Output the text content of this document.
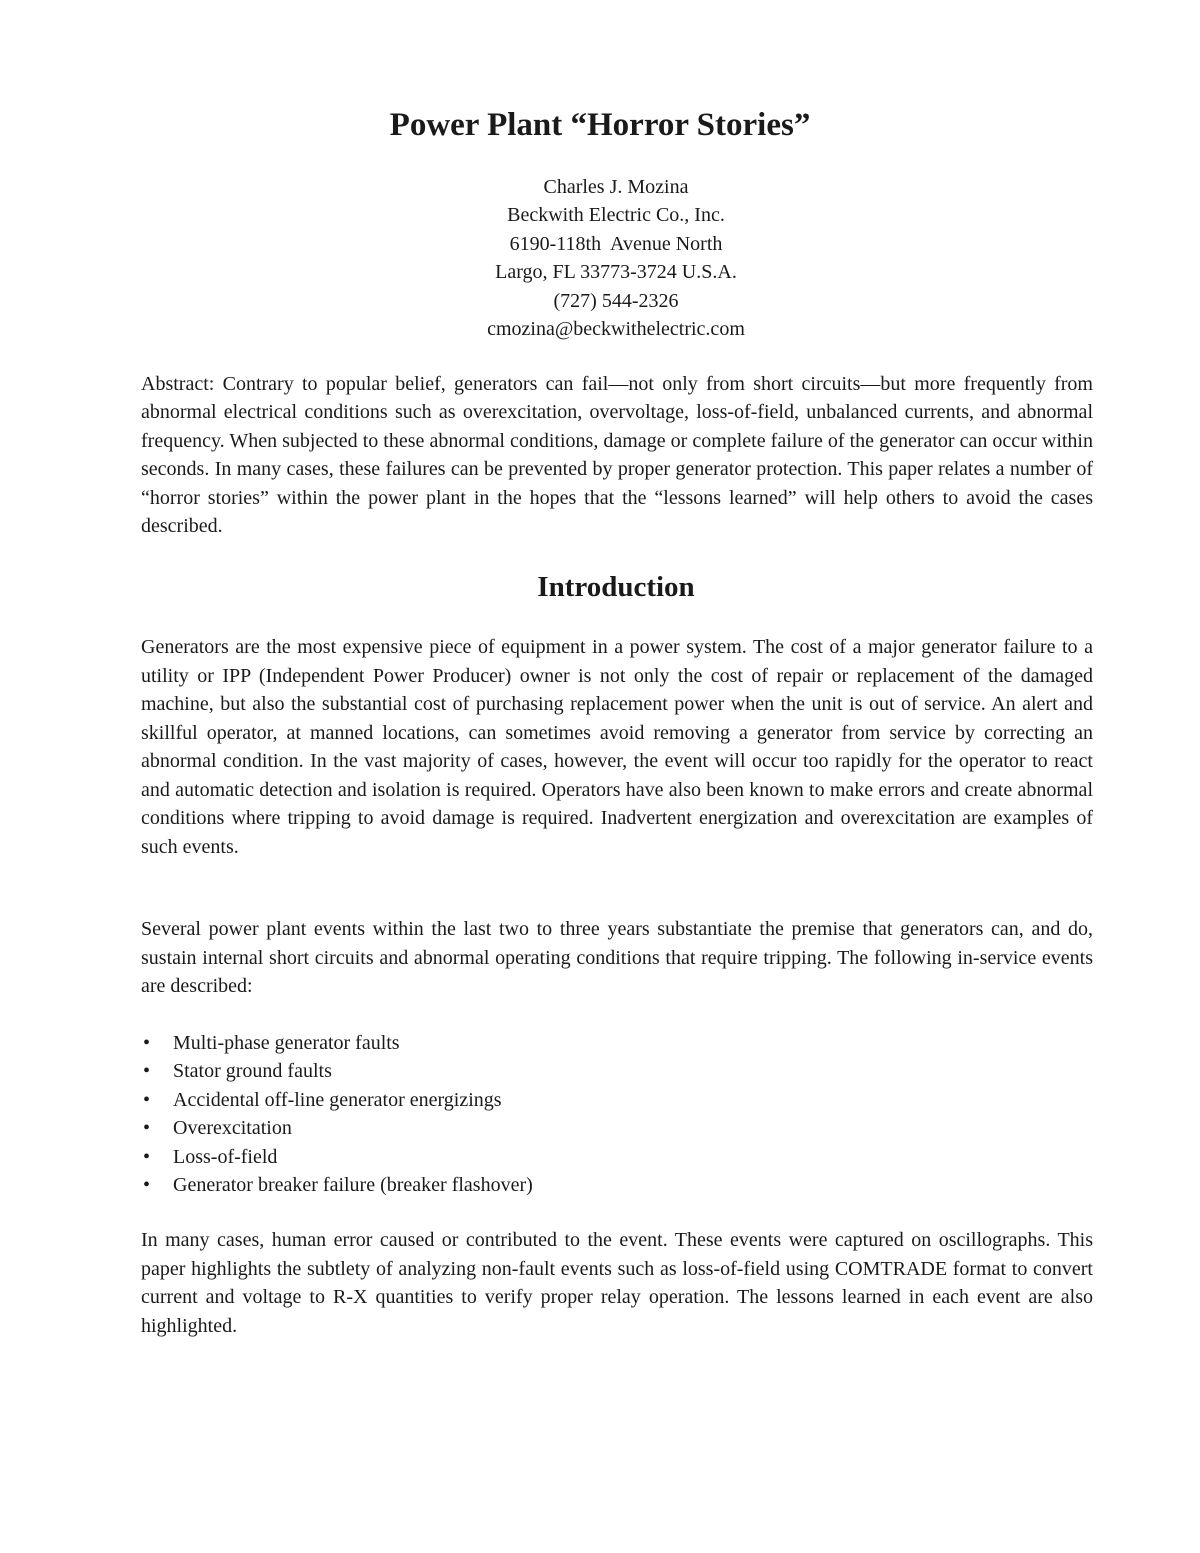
Power Plant “Horror Stories”
Charles J. Mozina
Beckwith Electric Co., Inc.
6190-118th  Avenue North
Largo, FL 33773-3724 U.S.A.
(727) 544-2326
cmozina@beckwithelectric.com

Abstract: Contrary to popular belief, generators can fail—not only from short circuits—but more frequently from abnormal electrical conditions such as overexcitation, overvoltage, loss-of-field, unbalanced currents, and abnormal frequency. When subjected to these abnormal conditions, damage or complete failure of the generator can occur within seconds. In many cases, these failures can be prevented by proper generator protection. This paper relates a number of “horror stories” within the power plant in the hopes that the “lessons learned” will help others to avoid the cases described.

Introduction

Generators are the most expensive piece of equipment in a power system. The cost of a major generator failure to a utility or IPP (Independent Power Producer) owner is not only the cost of repair or replacement of the damaged machine, but also the substantial cost of purchasing replacement power when the unit is out of service. An alert and skillful operator, at manned locations, can sometimes avoid removing a generator from service by correcting an abnormal condition. In the vast majority of cases, however, the event will occur too rapidly for the operator to react and automatic detection and isolation is required. Operators have also been known to make errors and create abnormal conditions where tripping to avoid damage is required. Inadvertent energization and overexcitation are examples of such events.

Several power plant events within the last two to three years substantiate the premise that generators can, and do, sustain internal short circuits and abnormal operating conditions that require tripping. The following in-service events are described:

• Multi-phase generator faults
• Stator ground faults
• Accidental off-line generator energizings
• Overexcitation
• Loss-of-field
• Generator breaker failure (breaker flashover)

In many cases, human error caused or contributed to the event. These events were captured on oscillographs. This paper highlights the subtlety of analyzing non-fault events such as loss-of-field using COMTRADE format to convert current and voltage to R-X quantities to verify proper relay operation. The lessons learned in each event are also highlighted.
